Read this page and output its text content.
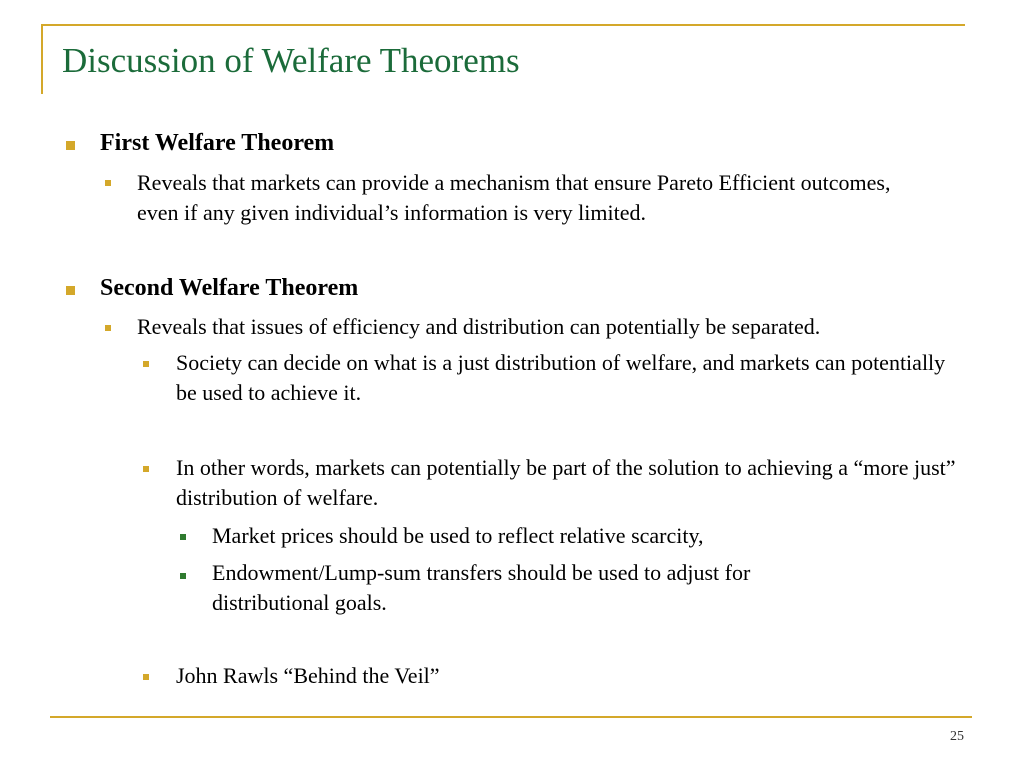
Discussion of Welfare Theorems
First Welfare Theorem
Reveals that markets can provide a mechanism that ensure Pareto Efficient outcomes, even if any given individual’s information is very limited.
Second Welfare Theorem
Reveals that issues of efficiency and distribution can potentially be separated.
Society can decide on what is a just distribution of welfare, and markets can potentially be used to achieve it.
In other words, markets can potentially be part of the solution to achieving a “more just” distribution of welfare.
Market prices should be used to reflect relative scarcity,
Endowment/Lump-sum transfers should be used to adjust for distributional goals.
John Rawls “Behind the Veil”
25
